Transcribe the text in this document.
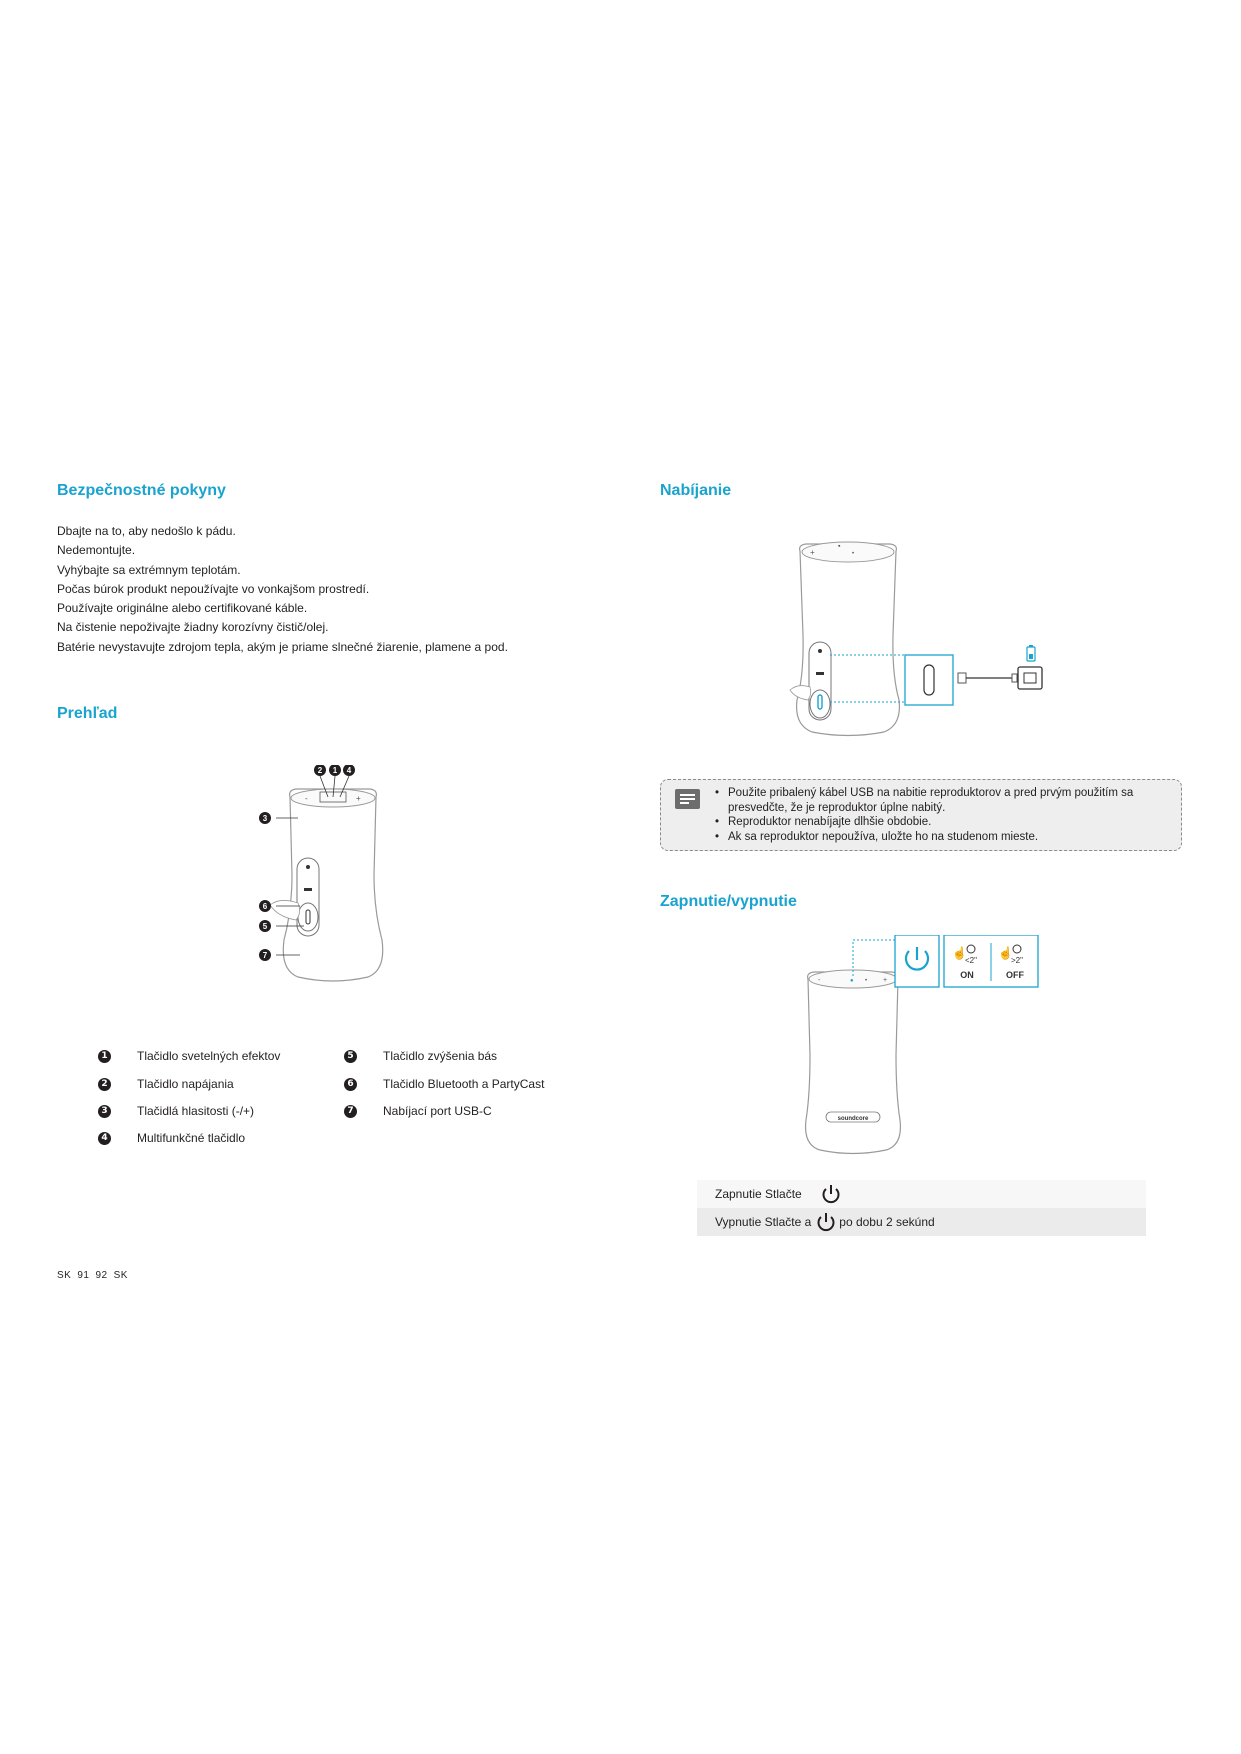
Bezpečnostné pokyny
Dbajte na to, aby nedošlo k pádu.
Nedemontujte.
Vyhýbajte sa extrémnym teplotám.
Počas búrok produkt nepoužívajte vo vonkajšom prostredí.
Používajte originálne alebo certifikované káble.
Na čistenie nepoživajte žiadny korozívny čistič/olej.
Batérie nevystavujte zdrojom tepla, akým je priame slnečné žiarenie, plamene a pod.
Prehľad
-	+
2 1 4
3
6
5
7
1 Tlačidlo svetelných efektov
2 Tlačidlo napájania
3 Tlačidlá hlasitosti (-/+)
4 Multifunkčné tlačidlo
5 Tlačidlo zvýšenia bás
6 Tlačidlo Bluetooth a PartyCast
7 Nabíjací port USB-C
SK 91 92 SK
Nabíjanie
+
▪
•
• Použite pribalený kábel USB na nabitie reproduktorov a pred prvým použitím sa presvedčte, že je reproduktor úplne nabitý.
• Reproduktor nenabíjajte dlhšie obdobie.
• Ak sa reproduktor nepoužíva, uložte ho na studenom mieste.
Zapnutie/vypnutie
-	● • +
soundcore
☝
<2"
ON
☝
>2"
OFF
Zapnutie Stlačte
Vypnutie Stlačte a po dobu 2 sekúnd
